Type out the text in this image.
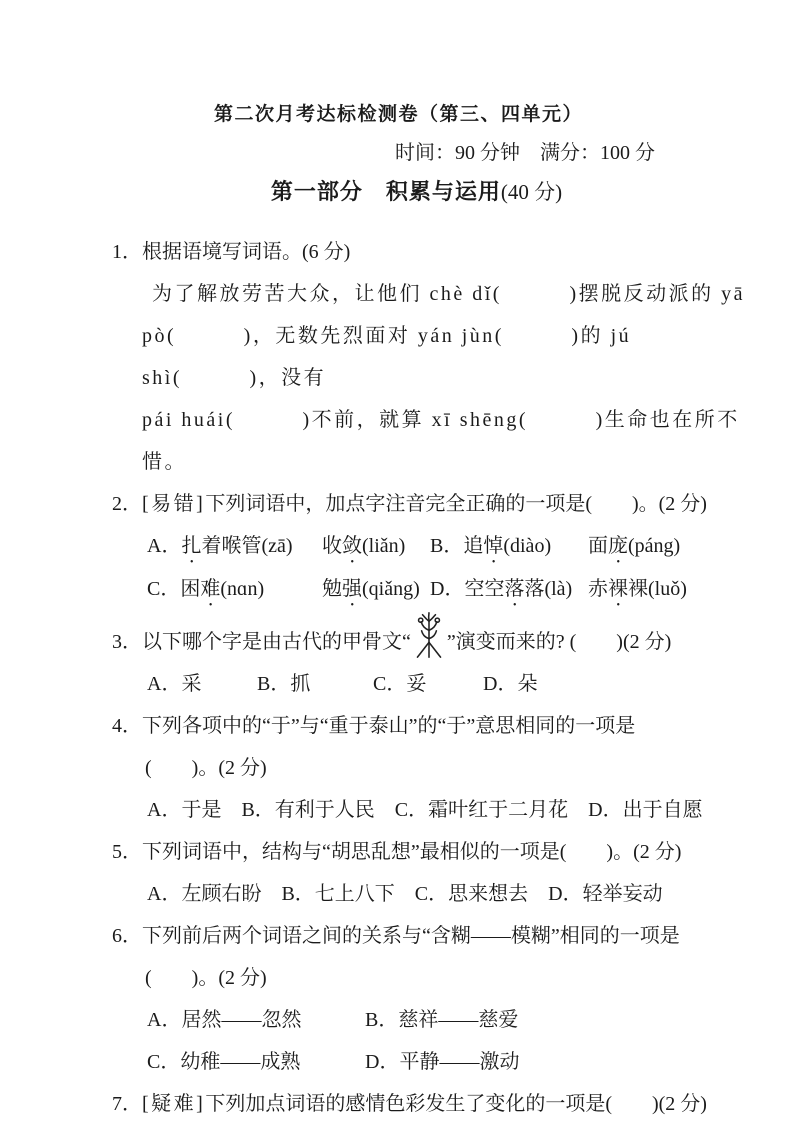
第二次月考达标检测卷（第三、四单元）
时间：90 分钟　满分：100 分
第一部分　积累与运用(40 分)
1．根据语境写词语。(6 分)
为了解放劳苦大众，让他们 chè dǐ(　　　)摆脱反动派的 yā
pò(　　　)，无数先烈面对 yán jùn(　　　)的 jú shì(　　　)，没有
pái huái(　　　)不前，就算 xī shēng(　　　)生命也在所不惜。
2．[易错]下列词语中，加点字注音完全正确的一项是(　　)。(2 分)
A．扎着喉管(zā)	收敛(liǎn)	B．追悼(diào)	面庞(páng)
C．困难(nɑn)	勉强(qiǎng) D．空空落落(là) 赤裸裸(luǒ)
3．以下哪个字是由古代的甲骨文“ ”演变而来的? (　　)(2 分)
A．采	B．抓	C．妥	D．朵
4．下列各项中的“于”与“重于泰山”的“于”意思相同的一项是
(　　)。(2 分)
A．于是　B．有利于人民　C．霜叶红于二月花　D．出于自愿
5．下列词语中，结构与“胡思乱想”最相似的一项是(　　)。(2 分)
A．左顾右盼　B．七上八下　C．思来想去　D．轻举妄动
6．下列前后两个词语之间的关系与“含糊——模糊”相同的一项是
(　　)。(2 分)
A．居然——忽然	B．慈祥——慈爱
C．幼稚——成熟	D．平静——激动
7．[疑难]下列加点词语的感情色彩发生了变化的一项是(　　)(2 分)
